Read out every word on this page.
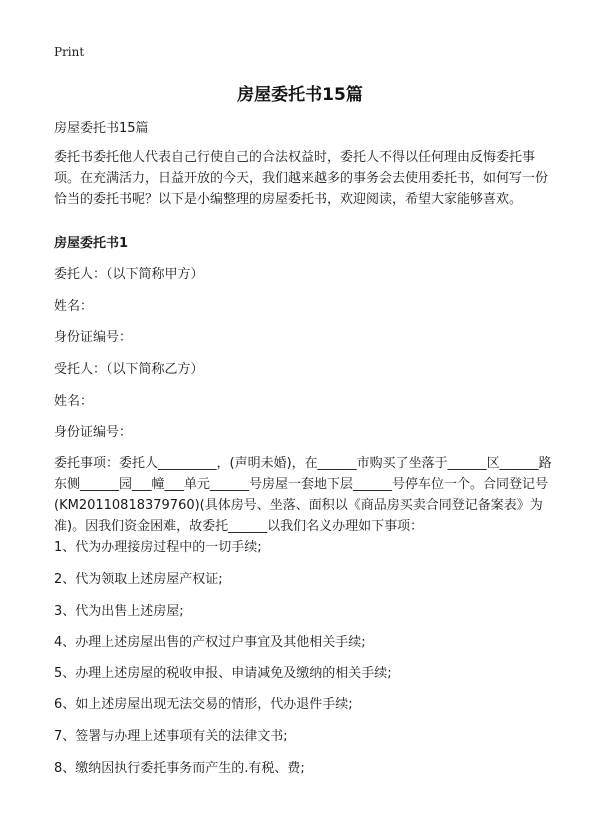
Print
房屋委托书15篇
房屋委托书15篇
委托书委托他人代表自己行使自己的合法权益时，委托人不得以任何理由反悔委托事项。在充满活力，日益开放的今天，我们越来越多的事务会去使用委托书，如何写一份恰当的委托书呢？以下是小编整理的房屋委托书，欢迎阅读，希望大家能够喜欢。
房屋委托书1
委托人：（以下简称甲方）
姓名：
身份证编号：
受托人：（以下简称乙方）
姓名：
身份证编号：
委托事项：委托人_________，(声明未婚)，在______市购买了坐落于______区______路东侧______园___幢___单元______号房屋一套地下层______号停车位一个。合同登记号(KM20110818379760)(具体房号、坐落、面积以《商品房买卖合同登记备案表》为准)。因我们资金困难，故委托______以我们名义办理如下事项：
1、代为办理接房过程中的一切手续;
2、代为领取上述房屋产权证;
3、代为出售上述房屋;
4、办理上述房屋出售的产权过户事宜及其他相关手续;
5、办理上述房屋的税收申报、申请减免及缴纳的相关手续;
6、如上述房屋出现无法交易的情形，代办退件手续;
7、签署与办理上述事项有关的法律文书;
8、缴纳因执行委托事务而产生的.有税、费;
